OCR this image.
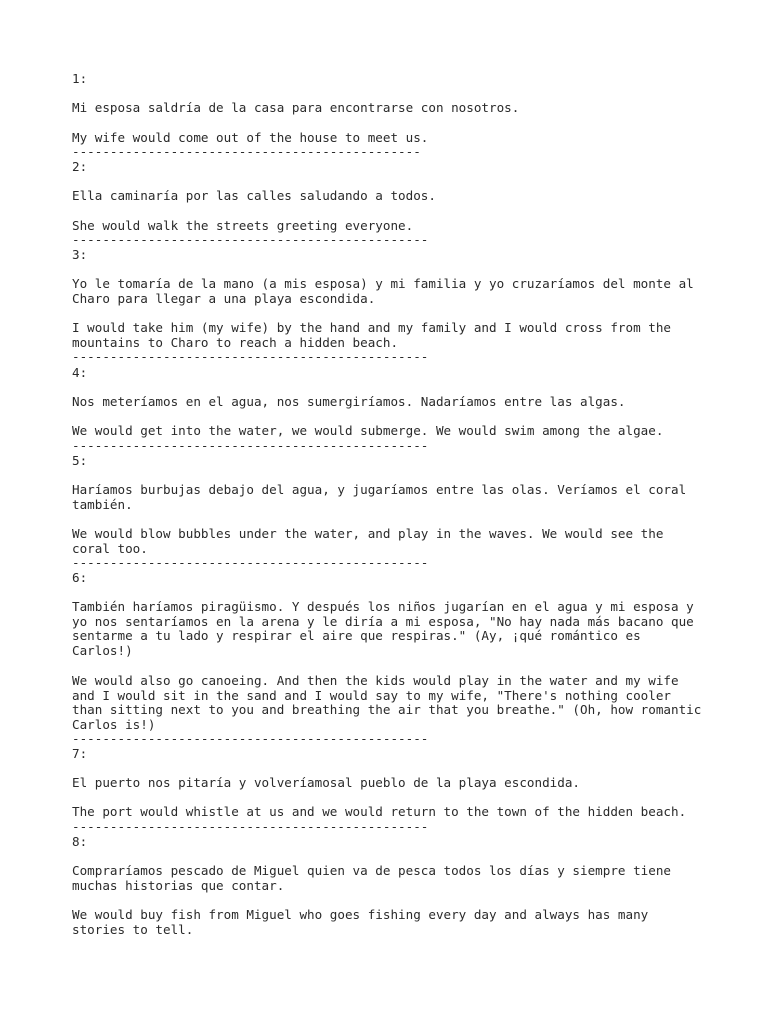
1:
Mi esposa saldría de la casa para encontrarse con nosotros.
My wife would come out of the house to meet us.
----------------------------------------------
2:
Ella caminaría por las calles saludando a todos.
She would walk the streets greeting everyone.
-----------------------------------------------
3:
Yo le tomaría de la mano (a mis esposa) y mi familia y yo cruzaríamos del monte al
Charo para llegar a una playa escondida.
I would take him (my wife) by the hand and my family and I would cross from the
mountains to Charo to reach a hidden beach.
-----------------------------------------------
4:
Nos meteríamos en el agua, nos sumergiríamos. Nadaríamos entre las algas.
We would get into the water, we would submerge. We would swim among the algae.
-----------------------------------------------
5:
Haríamos burbujas debajo del agua, y jugaríamos entre las olas. Veríamos el coral
también.
We would blow bubbles under the water, and play in the waves. We would see the
coral too.
-----------------------------------------------
6:
También haríamos piragüismo. Y después los niños jugarían en el agua y mi esposa y
yo nos sentaríamos en la arena y le diría a mi esposa, "No hay nada más bacano que
sentarme a tu lado y respirar el aire que respiras." (Ay, ¡qué romántico es
Carlos!)
We would also go canoeing. And then the kids would play in the water and my wife
and I would sit in the sand and I would say to my wife, "There's nothing cooler
than sitting next to you and breathing the air that you breathe." (Oh, how romantic
Carlos is!)
-----------------------------------------------
7:
El puerto nos pitaría y volveríamosal pueblo de la playa escondida.
The port would whistle at us and we would return to the town of the hidden beach.
-----------------------------------------------
8:
Compraríamos pescado de Miguel quien va de pesca todos los días y siempre tiene
muchas historias que contar.
We would buy fish from Miguel who goes fishing every day and always has many
stories to tell.
